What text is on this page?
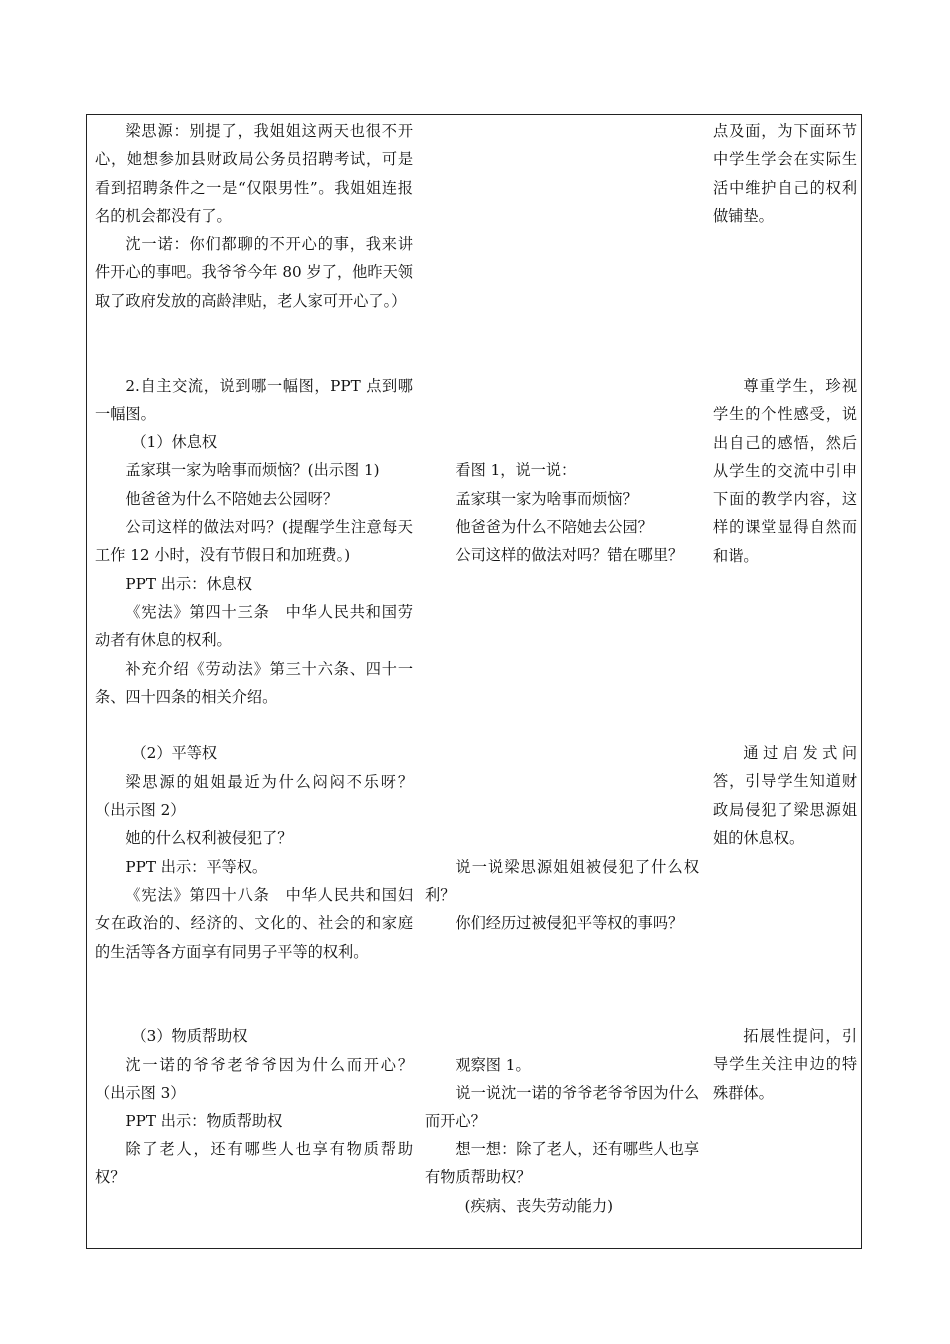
梁思源：别提了，我姐姐这两天也很不开心，她想参加县财政局公务员招聘考试，可是看到招聘条件之一是“仅限男性”。我姐姐连报名的机会都没有了。
沈一诺：你们都聊的不开心的事，我来讲件开心的事吧。我爷爷今年 80 岁了，他昨天领取了政府发放的高龄津贴，老人家可开心了。）
2.自主交流，说到哪一幅图，PPT 点到哪一幅图。
（1）休息权
孟家琪一家为啥事而烦恼？(出示图 1)
他爸爸为什么不陪她去公园呀？
公司这样的做法对吗？(提醒学生注意每天工作 12 小时，没有节假日和加班费。)
PPT 出示：休息权
《宪法》第四十三条　中华人民共和国劳动者有休息的权利。
补充介绍《劳动法》第三十六条、四十一条、四十四条的相关介绍。
（2）平等权
梁思源的姐姐最近为什么闷闷不乐呀？（出示图 2）
她的什么权利被侵犯了？
PPT 出示：平等权。
《宪法》第四十八条　中华人民共和国妇女在政治的、经济的、文化的、社会的和家庭的生活等各方面享有同男子平等的权利。
（3）物质帮助权
沈一诺的爷爷老爷爷因为什么而开心？（出示图 3）
PPT 出示：物质帮助权
除了老人，还有哪些人也享有物质帮助权？
看图 1，说一说：
孟家琪一家为啥事而烦恼？
他爸爸为什么不陪她去公园？
公司这样的做法对吗？错在哪里？
说一说梁思源姐姐被侵犯了什么权利？
你们经历过被侵犯平等权的事吗？
观察图 1。
说一说沈一诺的爷爷老爷爷因为什么而开心？
想一想：除了老人，还有哪些人也享有物质帮助权？
(疾病、丧失劳动能力)
点及面，为下面环节中学生学会在实际生活中维护自己的权利做铺垫。
尊重学生，珍视学生的个性感受，说出自己的感悟，然后从学生的交流中引申下面的教学内容，这样的课堂显得自然而和谐。
通过启发式问答，引导学生知道财政局侵犯了梁思源姐姐的休息权。
拓展性提问，引导学生关注申边的特殊群体。
